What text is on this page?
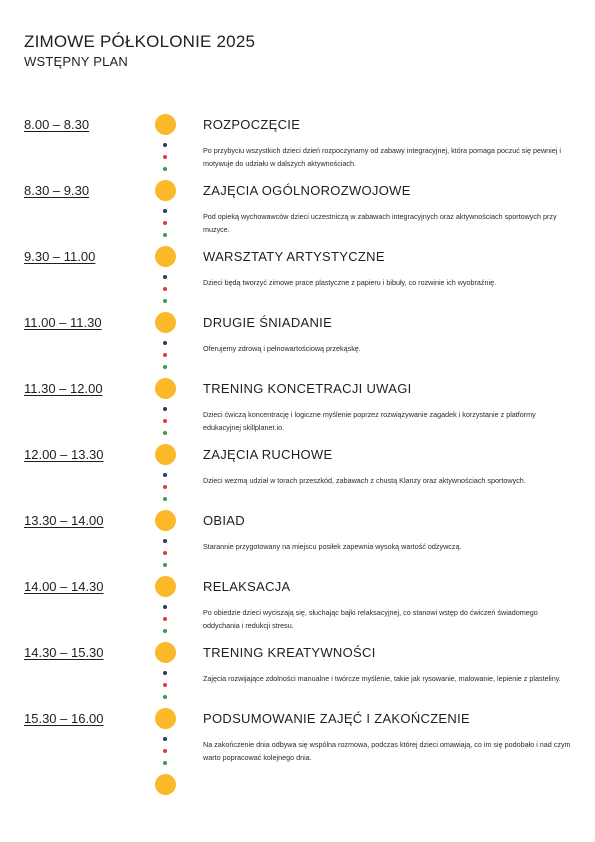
ZIMOWE PÓŁKOLONIE 2025
WSTĘPNY PLAN
8.00 – 8.30	ROZPOCZĘCIE
Po przybyciu wszystkich dzieci dzień rozpoczynamy od zabawy integracyjnej, która pomaga poczuć się pewniej i motywuje do udziału w dalszych aktywnościach.
8.30 – 9.30	ZAJĘCIA OGÓLNOROZWOJOWE
Pod opieką wychowawców dzieci uczestniczą w zabawach integracyjnych oraz aktywnościach sportowych przy muzyce.
9.30 – 11.00	WARSZTATY ARTYSTYCZNE
Dzieci będą tworzyć zimowe prace plastyczne z papieru i bibuły, co rozwinie ich wyobraźnię.
11.00 – 11.30	DRUGIE ŚNIADANIE
Oferujemy zdrową i pełnowartościową przekąskę.
11.30 – 12.00	TRENING KONCETRACJI UWAGI
Dzieci ćwiczą koncentrację i logiczne myślenie poprzez rozwiązywanie zagadek i korzystanie z platformy edukacyjnej skillplanet.io.
12.00 – 13.30	ZAJĘCIA RUCHOWE
Dzieci wezmą udział w torach przeszkód, zabawach z chustą Klanzy oraz aktywnościach sportowych.
13.30 – 14.00	OBIAD
Starannie przygotowany na miejscu posiłek zapewnia wysoką wartość odżywczą.
14.00 – 14.30	RELAKSACJA
Po obiedzie dzieci wyciszają się, słuchając bajki relaksacyjnej, co stanowi wstęp do ćwiczeń świadomego oddychania i redukcji stresu.
14.30 – 15.30	TRENING KREATYWNOŚCI
Zajęcia rozwijające zdolności manualne i twórcze myślenie, takie jak rysowanie, malowanie, lepienie z plasteliny.
15.30 – 16.00	PODSUMOWANIE ZAJĘĆ I ZAKOŃCZENIE
Na zakończenie dnia odbywa się wspólna rozmowa, podczas której dzieci omawiają, co im się podobało i nad czym warto popracować kolejnego dnia.
